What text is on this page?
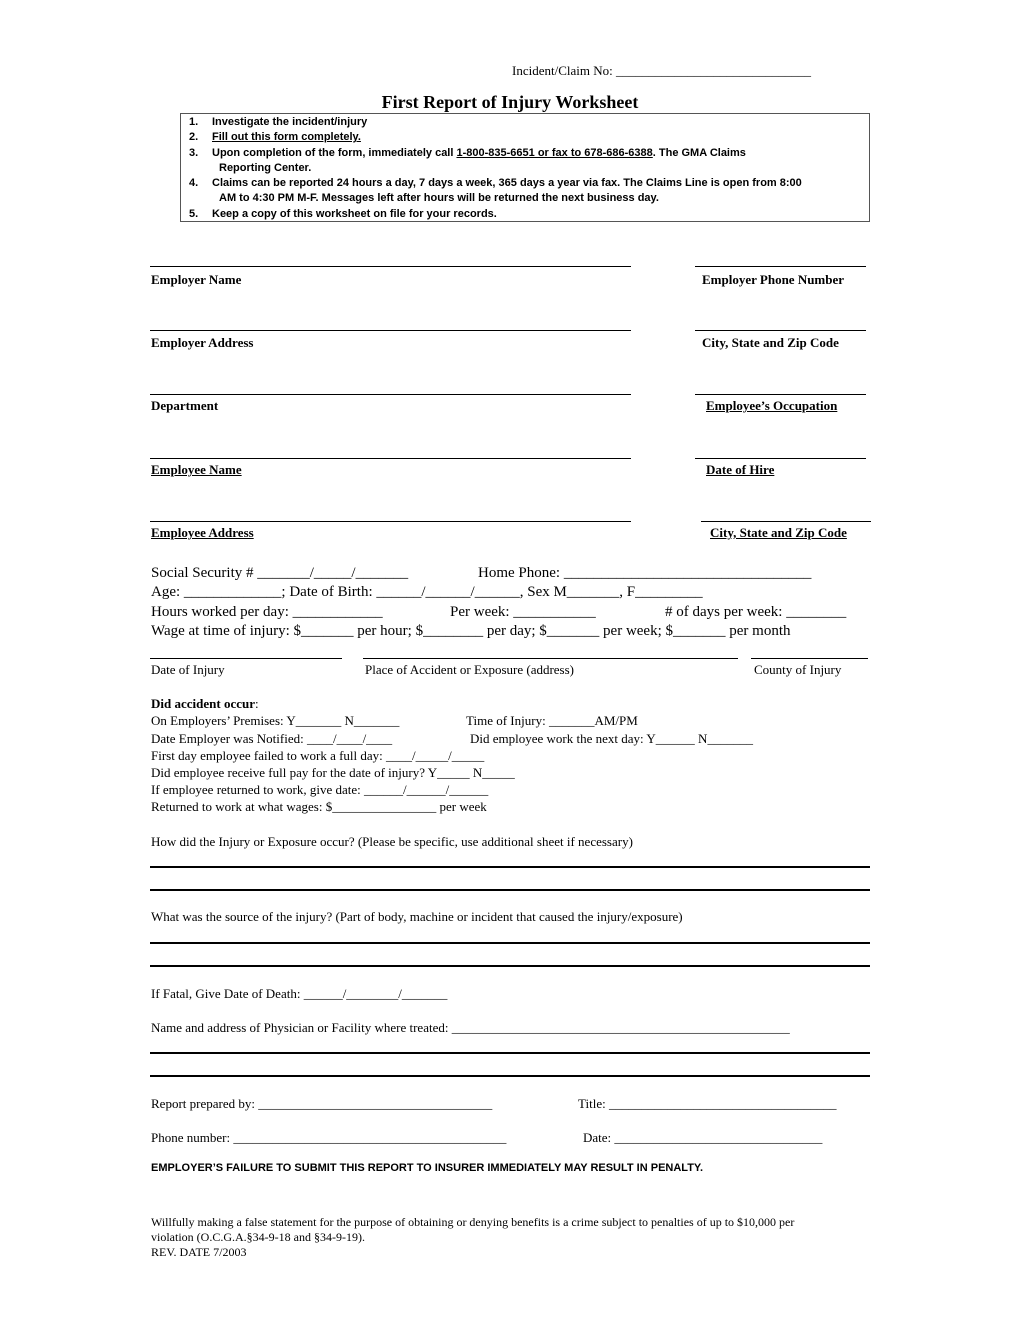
Incident/Claim No: ______________________________
First Report of Injury Worksheet
1.	Investigate the incident/injury
2.	Fill out this form completely.
3.	Upon completion of the form, immediately call 1-800-835-6651 or fax to 678-686-6388. The GMA Claims
Reporting Center.
4.	Claims can be reported 24 hours a day, 7 days a week, 365 days a year via fax. The Claims Line is open from 8:00
AM to 4:30 PM M-F. Messages left after hours will be returned the next business day.
5.	Keep a copy of this worksheet on file for your records.
Employer Name	Employer Phone Number
Employer Address	City, State and Zip Code
Department	Employee’s Occupation
Employee Name	Date of Hire
Employee Address	City, State and Zip Code
Social Security # _______/_____/_______	Home Phone: _________________________________
Age: _____________; Date of Birth: ______/______/______, Sex M_______, F_________
Hours worked per day: ____________	Per week: ___________	# of days per week: ________
Wage at time of injury: $_______ per hour; $________ per day; $_______ per week; $_______ per month
Date of Injury	Place of Accident or Exposure (address)	County of Injury
Did accident occur:
On Employers’ Premises: Y_______ N_______	Time of Injury: _______AM/PM
Date Employer was Notified: ____/____/____	Did employee work the next day: Y______ N_______
First day employee failed to work a full day: ____/_____/_____
Did employee receive full pay for the date of injury? Y_____ N_____
If employee returned to work, give date: ______/______/______
Returned to work at what wages: $________________ per week
How did the Injury or Exposure occur? (Please be specific, use additional sheet if necessary)
What was the source of the injury? (Part of body, machine or incident that caused the injury/exposure)
If Fatal, Give Date of Death: ______/________/_______
Name and address of Physician or Facility where treated: ____________________________________________________
Report prepared by: ____________________________________	Title: ___________________________________
Phone number: __________________________________________	Date: ________________________________
EMPLOYER’S FAILURE TO SUBMIT THIS REPORT TO INSURER IMMEDIATELY MAY RESULT IN PENALTY.
Willfully making a false statement for the purpose of obtaining or denying benefits is a crime subject to penalties of up to $10,000 per
violation (O.C.G.A.§34-9-18 and §34-9-19).
REV. DATE 7/2003
